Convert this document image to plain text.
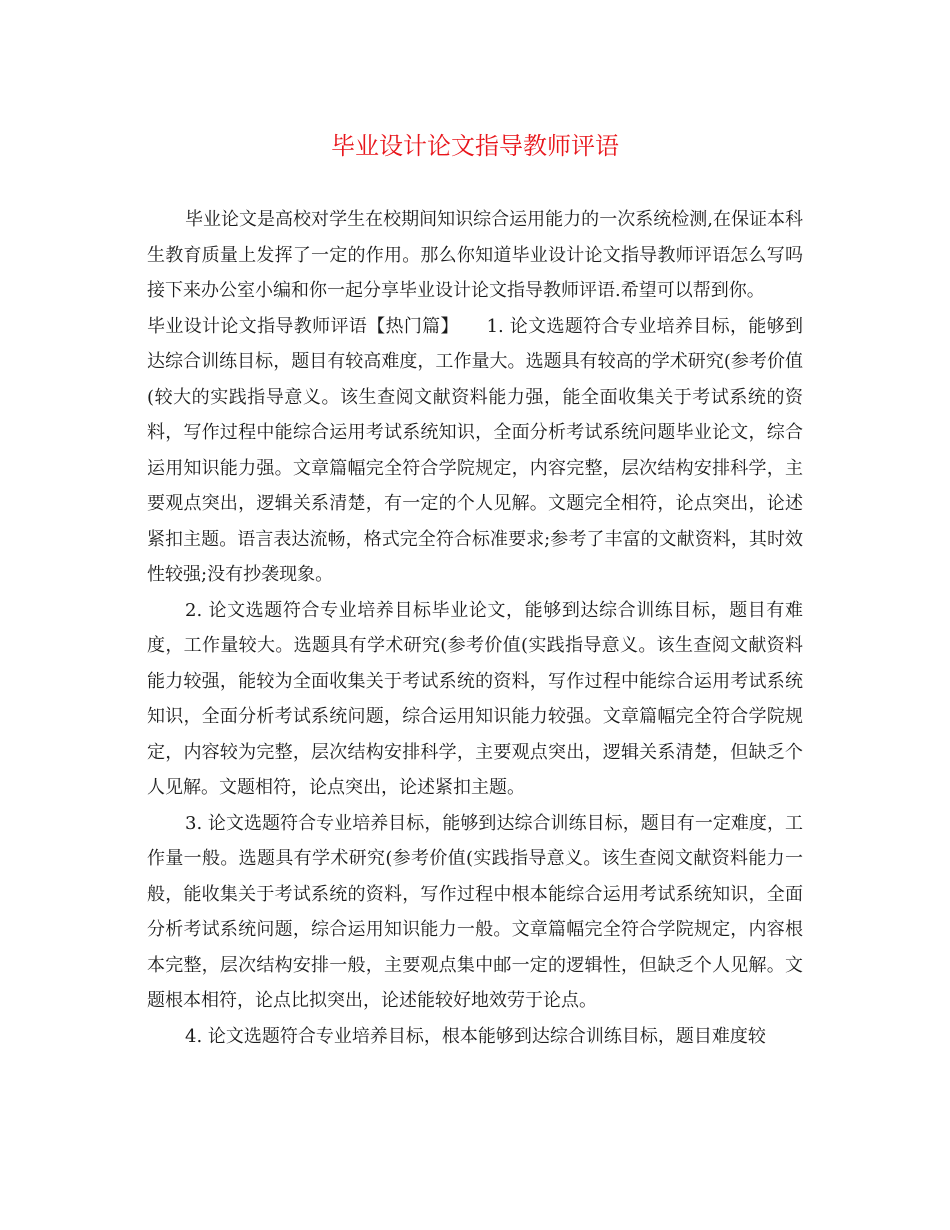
毕业设计论文指导教师评语

毕业论文是高校对学生在校期间知识综合运用能力的一次系统检测,在保证本科生教育质量上发挥了一定的作用。那么你知道毕业设计论文指导教师评语怎么写吗接下来办公室小编和你一起分享毕业设计论文指导教师评语.希望可以帮到你。

毕业设计论文指导教师评语【热门篇】　　1. 论文选题符合专业培养目标，能够到达综合训练目标，题目有较高难度，工作量大。选题具有较高的学术研究(参考价值(较大的实践指导意义。该生查阅文献资料能力强，能全面收集关于考试系统的资料，写作过程中能综合运用考试系统知识，全面分析考试系统问题毕业论文，综合运用知识能力强。文章篇幅完全符合学院规定，内容完整，层次结构安排科学，主要观点突出，逻辑关系清楚，有一定的个人见解。文题完全相符，论点突出，论述紧扣主题。语言表达流畅，格式完全符合标准要求;参考了丰富的文献资料，其时效性较强;没有抄袭现象。

2. 论文选题符合专业培养目标毕业论文，能够到达综合训练目标，题目有难度，工作量较大。选题具有学术研究(参考价值(实践指导意义。该生查阅文献资料能力较强，能较为全面收集关于考试系统的资料，写作过程中能综合运用考试系统知识，全面分析考试系统问题，综合运用知识能力较强。文章篇幅完全符合学院规定，内容较为完整，层次结构安排科学，主要观点突出，逻辑关系清楚，但缺乏个人见解。文题相符，论点突出，论述紧扣主题。

3. 论文选题符合专业培养目标，能够到达综合训练目标，题目有一定难度，工作量一般。选题具有学术研究(参考价值(实践指导意义。该生查阅文献资料能力一般，能收集关于考试系统的资料，写作过程中根本能综合运用考试系统知识，全面分析考试系统问题，综合运用知识能力一般。文章篇幅完全符合学院规定，内容根本完整，层次结构安排一般，主要观点集中邮一定的逻辑性，但缺乏个人见解。文题根本相符，论点比拟突出，论述能较好地效劳于论点。

4. 论文选题符合专业培养目标，根本能够到达综合训练目标，题目难度较
